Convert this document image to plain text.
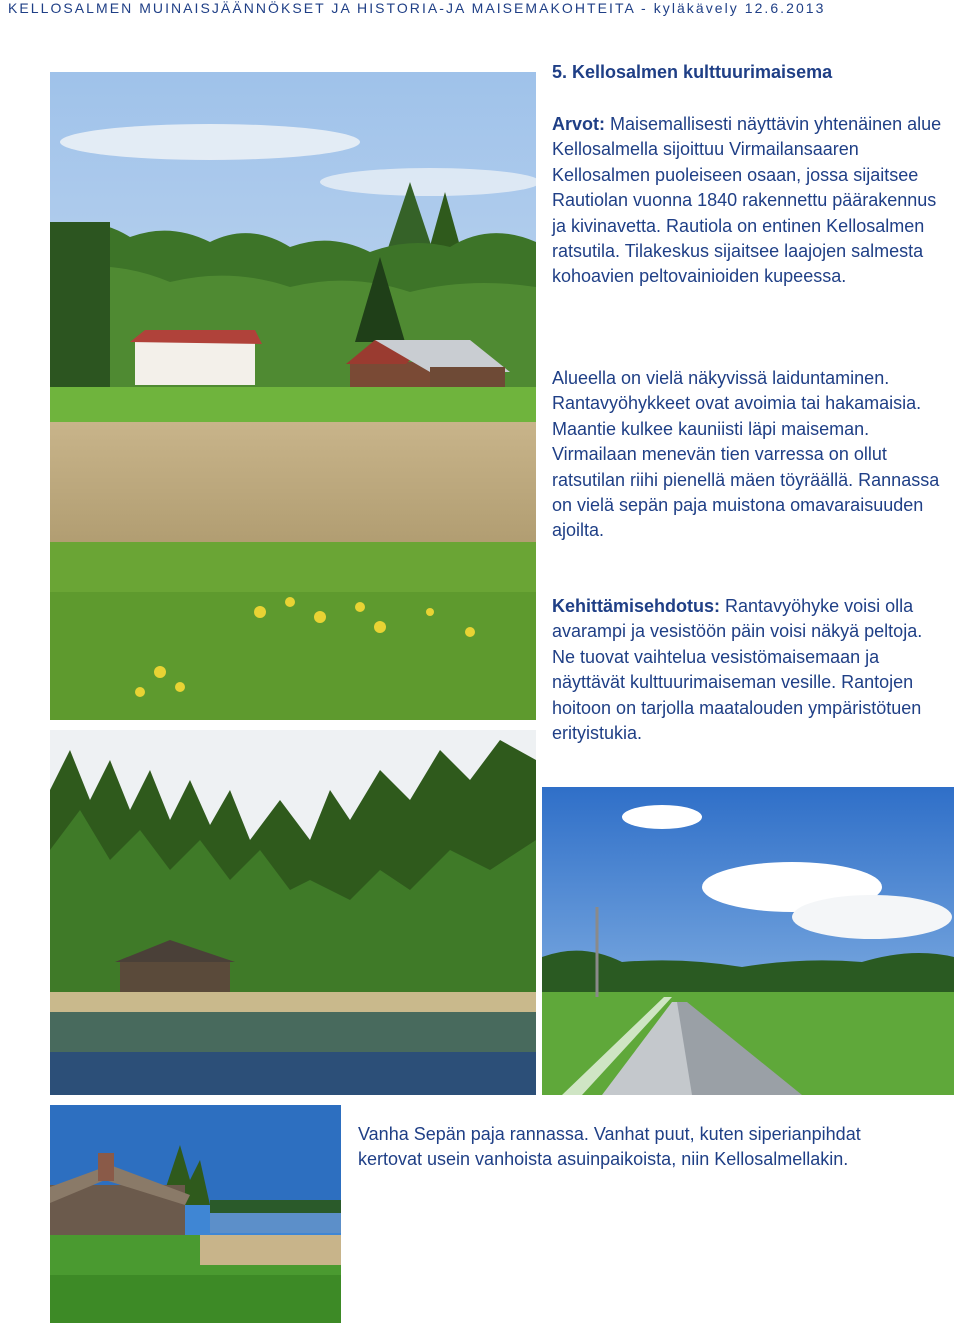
KELLOSALMEN MUINAISJÄÄNNÖKSET JA HISTORIA-JA MAISEMAKOHTEITA - kyläkävely 12.6.2013
5. Kellosalmen kulttuurimaisema
Arvot: Maisemallisesti näyttävin yhtenäinen alue Kellosalmella sijoittuu Virmailansaaren Kellosalmen puoleiseen osaan, jossa sijaitsee Rautiolan vuonna 1840 rakennettu päärakennus ja kivinavetta. Rautiola on entinen Kellosalmen ratsutila. Tilakeskus sijaitsee laajojen salmesta kohoavien peltovainioiden kupeessa.
Alueella on vielä näkyvissä laiduntaminen. Rantavyöhykkeet ovat avoimia tai hakamaisia. Maantie kulkee kauniisti läpi maiseman. Virmailaan menevän tien varressa on ollut ratsutilan riihi pienellä mäen töyräällä. Rannassa on vielä sepän paja muistona omavaraisuuden ajoilta.
Kehittämisehdotus: Rantavyöhyke voisi olla avarampi ja vesistöön päin voisi näkyä peltoja. Ne tuovat vaihtelua vesistömaisemaan ja näyttävät kulttuurimaiseman vesille. Rantojen hoitoon on tarjolla maatalouden ympäristötuen erityistukia.
Vanha Sepän paja rannassa. Vanhat puut, kuten siperianpihdat kertovat usein vanhoista asuinpaikoista, niin Kellosalmellakin.
